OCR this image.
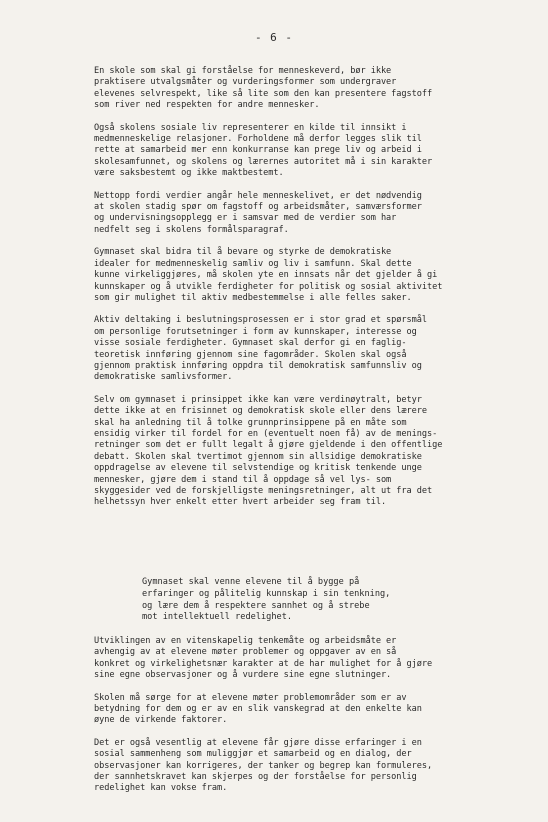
- 6 -

En skole som skal gi forståelse for menneskeverd, bør ikke
praktisere utvalgsmåter og vurderingsformer som undergraver
elevenes selvrespekt, like så lite som den kan presentere fagstoff
som river ned respekten for andre mennesker.

Også skolens sosiale liv representerer en kilde til innsikt i
medmenneskelige relasjoner. Forholdene må derfor legges slik til
rette at samarbeid mer enn konkurranse kan prege liv og arbeid i
skolesamfunnet, og skolens og lærernes autoritet må i sin karakter
være saksbestemt og ikke maktbestemt.

Nettopp fordi verdier angår hele menneskelivet, er det nødvendig
at skolen stadig spør om fagstoff og arbeidsmåter, samværsformer
og undervisningsopplegg er i samsvar med de verdier som har
nedfelt seg i skolens formålsparagraf.

Gymnaset skal bidra til å bevare og styrke de demokratiske
idealer for medmenneskelig samliv og liv i samfunn. Skal dette
kunne virkeliggjøres, må skolen yte en innsats når det gjelder å gi
kunnskaper og å utvikle ferdigheter for politisk og sosial aktivitet
som gir mulighet til aktiv medbestemmelse i alle felles saker.

Aktiv deltaking i beslutningsprosessen er i stor grad et spørsmål
om personlige forutsetninger i form av kunnskaper, interesse og
visse sosiale ferdigheter. Gymnaset skal derfor gi en faglig-
teoretisk innføring gjennom sine fagområder. Skolen skal også
gjennom praktisk innføring oppdra til demokratisk samfunnsliv og
demokratiske samlivsformer.

Selv om gymnaset i prinsippet ikke kan være verdinøytralt, betyr
dette ikke at en frisinnet og demokratisk skole eller dens lærere
skal ha anledning til å tolke grunnprinsippene på en måte som
ensidig virker til fordel for en (eventuelt noen få) av de menings-
retninger som det er fullt legalt å gjøre gjeldende i den offentlige
debatt. Skolen skal tvertimot gjennom sin allsidige demokratiske
oppdragelse av elevene til selvstendige og kritisk tenkende unge
mennesker, gjøre dem i stand til å oppdage så vel lys- som
skyggesider ved de forskjelligste meningsretninger, alt ut fra det
helhetssyn hver enkelt etter hvert arbeider seg fram til.

Gymnaset skal venne elevene til å bygge på
erfaringer og pålitelig kunnskap i sin tenkning,
og lære dem å respektere sannhet og å strebe
mot intellektuell redelighet.

Utviklingen av en vitenskapelig tenkemåte og arbeidsmåte er
avhengig av at elevene møter problemer og oppgaver av en så
konkret og virkelighetsnær karakter at de har mulighet for å gjøre
sine egne observasjoner og å vurdere sine egne slutninger.

Skolen må sørge for at elevene møter problemområder som er av
betydning for dem og er av en slik vanskegrad at den enkelte kan
øyne de virkende faktorer.

Det er også vesentlig at elevene får gjøre disse erfaringer i en
sosial sammenheng som muliggjør et samarbeid og en dialog, der
observasjoner kan korrigeres, der tanker og begrep kan formuleres,
der sannhetskravet kan skjerpes og der forståelse for personlig
redelighet kan vokse fram.
